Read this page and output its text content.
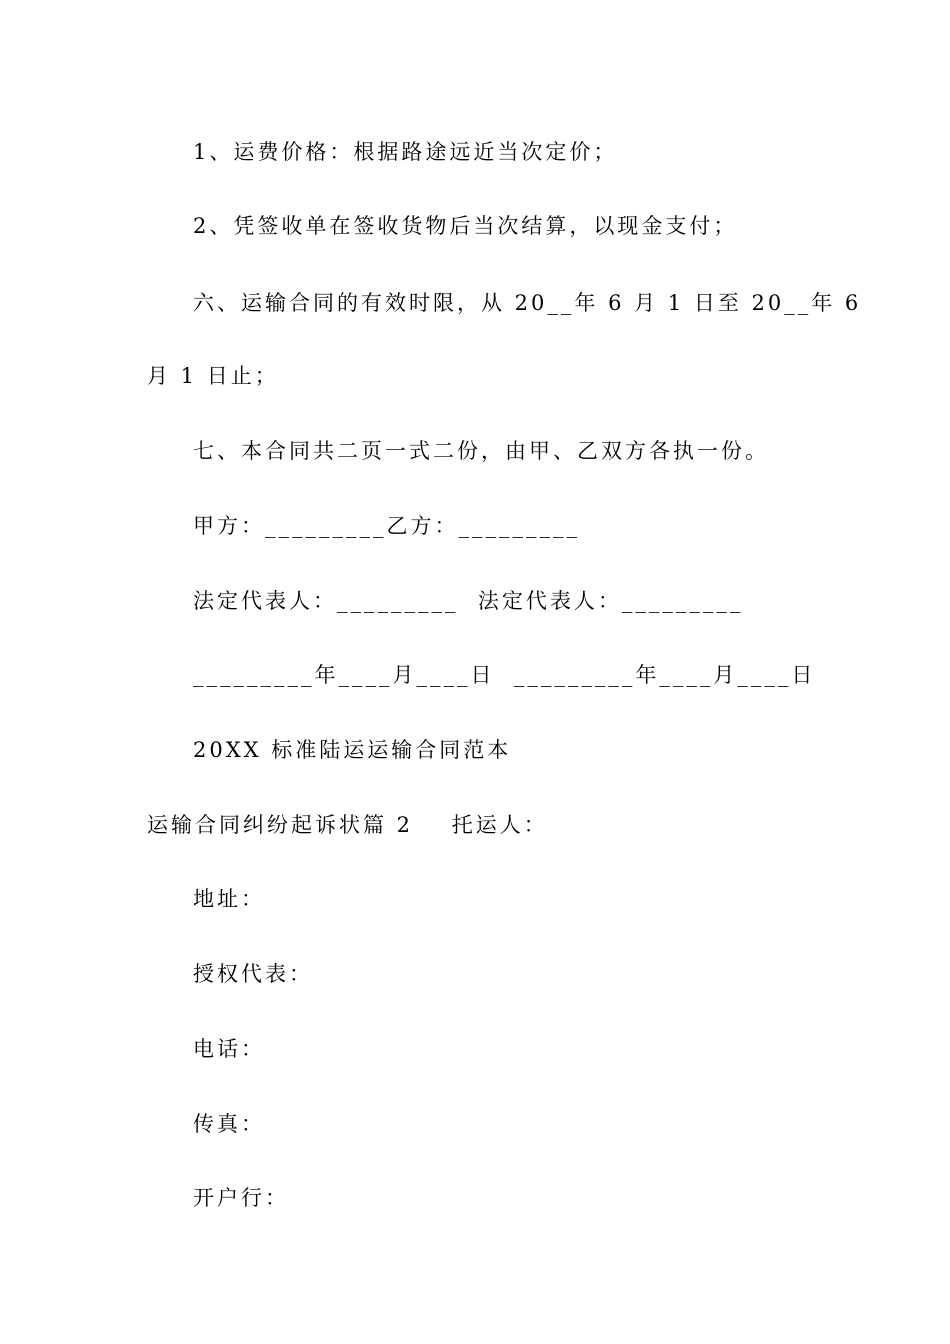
1、运费价格：根据路途远近当次定价；
2、凭签收单在签收货物后当次结算，以现金支付；
六、运输合同的有效时限，从 20__年 6 月 1 日至 20__年 6
月 1 日止；
七、本合同共二页一式二份，由甲、乙双方各执一份。
甲方：_________乙方：_________
法定代表人：_________  法定代表人：_________
_________年____月____日  _________年____月____日
20XX 标准陆运运输合同范本
运输合同纠纷起诉状篇 2    托运人：
地址：
授权代表：
电话：
传真：
开户行：
